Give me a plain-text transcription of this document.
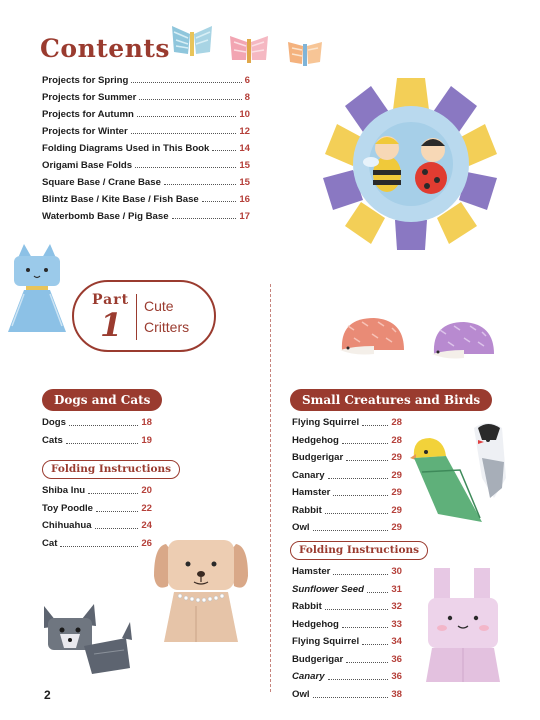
Contents
Projects for Spring	6
Projects for Summer	8
Projects for Autumn	10
Projects for Winter	12
Folding Diagrams Used in This Book	14
Origami Base Folds	15
Square Base / Crane Base	15
Blintz Base / Kite Base / Fish Base	16
Waterbomb Base / Pig Base	17
Part
1 Cute
Critters
Dogs and Cats
Dogs	18
Cats	19
Folding Instructions
Shiba Inu	20
Toy Poodle	22
Chihuahua	24
Cat	26
Small Creatures and Birds
Flying Squirrel	28
Hedgehog	28
Budgerigar	29
Canary	29
Hamster	29
Rabbit	29
Owl	29
Folding Instructions
Hamster	30
Sunflower Seed	31
Rabbit	32
Hedgehog	33
Flying Squirrel	34
Budgerigar	36
Canary	36
Owl	38
2
